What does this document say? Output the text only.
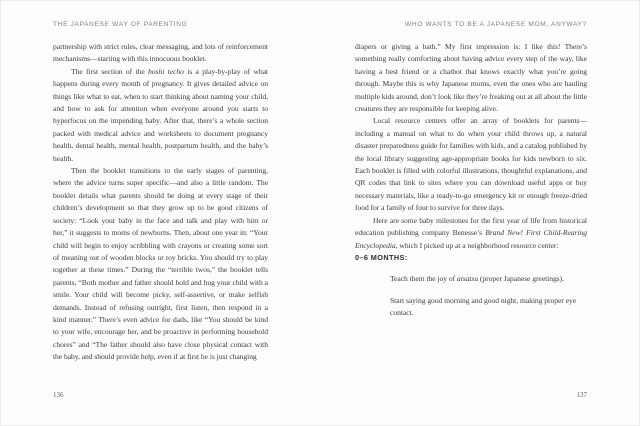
THE JAPANESE WAY OF PARENTING

partnership with strict rules, clear messaging, and lots of reinforcement mechanisms—starting with this innocuous booklet.

The first section of the boshi techo is a play-by-play of what happens during every month of pregnancy. It gives detailed advice on things like what to eat, when to start thinking about naming your child, and how to ask for attention when everyone around you starts to hyperfocus on the impending baby. After that, there’s a whole section packed with medical advice and worksheets to document pregnancy health, dental health, mental health, postpartum health, and the baby’s health.

Then the booklet transitions to the early stages of parenting, where the advice turns super specific—and also a little random. The booklet details what parents should be doing at every stage of their children’s development so that they grow up to be good citizens of society: “Look your baby in the face and talk and play with him or her,” it suggests to moms of newborns. Then, about one year in: “Your child will begin to enjoy scribbling with crayons or creating some sort of meaning out of wooden blocks or toy bricks. You should try to play together at these times.” During the “terrible twos,” the booklet tells parents, “Both mother and father should hold and hug your child with a smile. Your child will become picky, self-assertive, or make selfish demands. Instead of refusing outright, first listen, then respond in a kind manner.” There’s even advice for dads, like “You should be kind to your wife, encourage her, and be proactive in performing household chores” and “The father should also have close physical contact with the baby, and should provide help, even if at first he is just changing

136
WHO WANTS TO BE A JAPANESE MOM, ANYWAY?

diapers or giving a bath.” My first impression is: I like this! There’s something really comforting about having advice every step of the way, like having a best friend or a chatbot that knows exactly what you’re going through. Maybe this is why Japanese moms, even the ones who are hauling multiple kids around, don’t look like they’re freaking out at all about the little creatures they are responsible for keeping alive.

Local resource centers offer an array of booklets for parents—including a manual on what to do when your child throws up, a natural disaster preparedness guide for families with kids, and a catalog published by the local library suggesting age-appropriate books for kids newborn to six. Each booklet is filled with colorful illustrations, thoughtful explanations, and QR codes that link to sites where you can download useful apps or buy necessary materials, like a ready-to-go emergency kit or enough freeze-dried food for a family of four to survive for three days.

Here are some baby milestones for the first year of life from historical education publishing company Benesse’s Brand New! First Child-Rearing Encyclopedia, which I picked up at a neighborhood resource center:

0–6 MONTHS:

Teach them the joy of aisatsu (proper Japanese greetings).

Start saying good morning and good night, making proper eye contact.

137
